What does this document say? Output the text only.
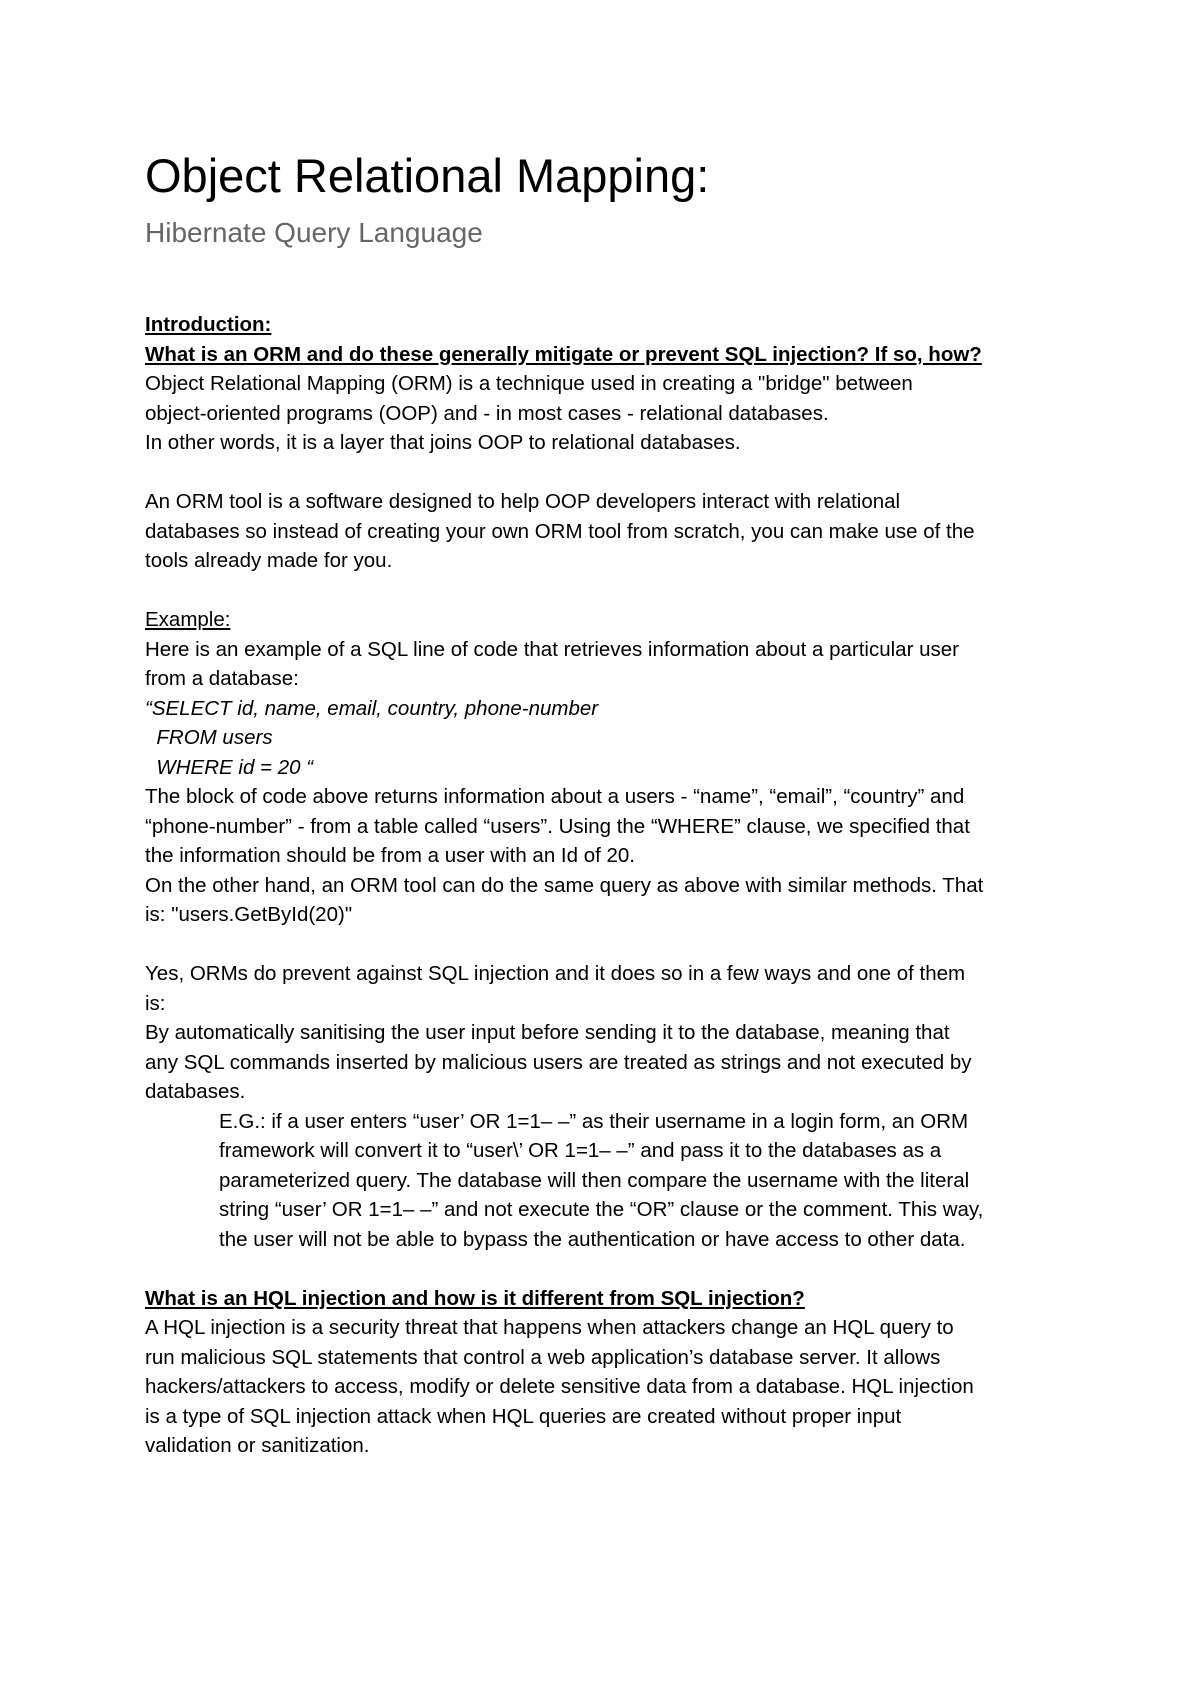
Object Relational Mapping:
Hibernate Query Language
Introduction:
What is an ORM and do these generally mitigate or prevent SQL injection? If so, how?
Object Relational Mapping (ORM) is a technique used in creating a "bridge" between
object-oriented programs (OOP) and - in most cases - relational databases.
In other words, it is a layer that joins OOP to relational databases.
An ORM tool is a software designed to help OOP developers interact with relational
databases so instead of creating your own ORM tool from scratch, you can make use of the
tools already made for you.
Example:
Here is an example of a SQL line of code that retrieves information about a particular user
from a database:
“SELECT id, name, email, country, phone-number
FROM users
WHERE id = 20 “
The block of code above returns information about a users - “name”, “email”, “country” and
“phone-number” - from a table called “users”. Using the “WHERE” clause, we specified that
the information should be from a user with an Id of 20.
On the other hand, an ORM tool can do the same query as above with similar methods. That
is: "users.GetById(20)"
Yes, ORMs do prevent against SQL injection and it does so in a few ways and one of them
is:
By automatically sanitising the user input before sending it to the database, meaning that
any SQL commands inserted by malicious users are treated as strings and not executed by
databases.
E.G.: if a user enters “user’ OR 1=1– –” as their username in a login form, an ORM
framework will convert it to “user\’ OR 1=1– –” and pass it to the databases as a
parameterized query. The database will then compare the username with the literal
string “user’ OR 1=1– –” and not execute the “OR” clause or the comment. This way,
the user will not be able to bypass the authentication or have access to other data.
What is an HQL injection and how is it different from SQL injection?
A HQL injection is a security threat that happens when attackers change an HQL query to
run malicious SQL statements that control a web application’s database server. It allows
hackers/attackers to access, modify or delete sensitive data from a database. HQL injection
is a type of SQL injection attack when HQL queries are created without proper input
validation or sanitization.
